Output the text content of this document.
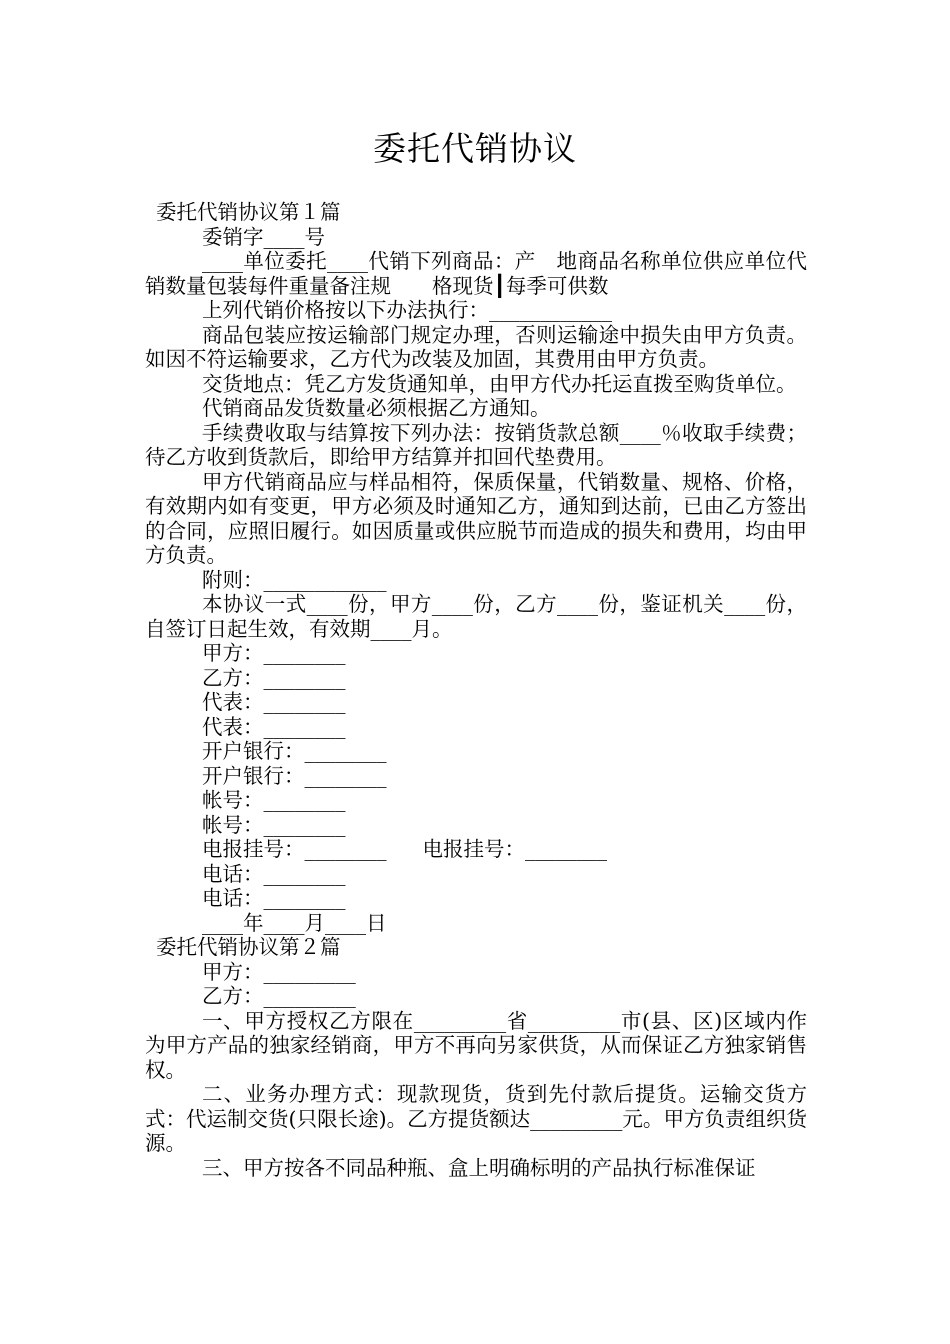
委托代销协议

委托代销协议第１篇

委销字____号

____单位委托____代销下列商品：产　地商品名称单位供应单位代销数量包装每件重量备注规　　格现货┃每季可供数

上列代销价格按以下办法执行：____________

商品包装应按运输部门规定办理，否则运输途中损失由甲方负责。如因不符运输要求，乙方代为改装及加固，其费用由甲方负责。

交货地点：凭乙方发货通知单，由甲方代办托运直拨至购货单位。

代销商品发货数量必须根据乙方通知。

手续费收取与结算按下列办法：按销货款总额____％收取手续费；待乙方收到货款后，即给甲方结算并扣回代垫费用。

甲方代销商品应与样品相符，保质保量，代销数量、规格、价格，有效期内如有变更，甲方必须及时通知乙方，通知到达前，已由乙方签出的合同，应照旧履行。如因质量或供应脱节而造成的损失和费用，均由甲方负责。

附则：____________

本协议一式____份，甲方____份，乙方____份，鉴证机关____份，自签订日起生效，有效期____月。

甲方：________

乙方：________

代表：________

代表：________

开户银行：________

开户银行：________

帐号：________

帐号：________

电报挂号：________ 电报挂号：________

电话：________

电话：________

____年____月____日

委托代销协议第２篇

甲方：_________

乙方：_________

一、甲方授权乙方限在_________省_________市(县、区)区域内作为甲方产品的独家经销商，甲方不再向另家供货，从而保证乙方独家销售权。

二、业务办理方式：现款现货，货到先付款后提货。运输交货方式：代运制交货(只限长途)。乙方提货额达_________元。甲方负责组织货源。

三、甲方按各不同品种瓶、盒上明确标明的产品执行标准保证
